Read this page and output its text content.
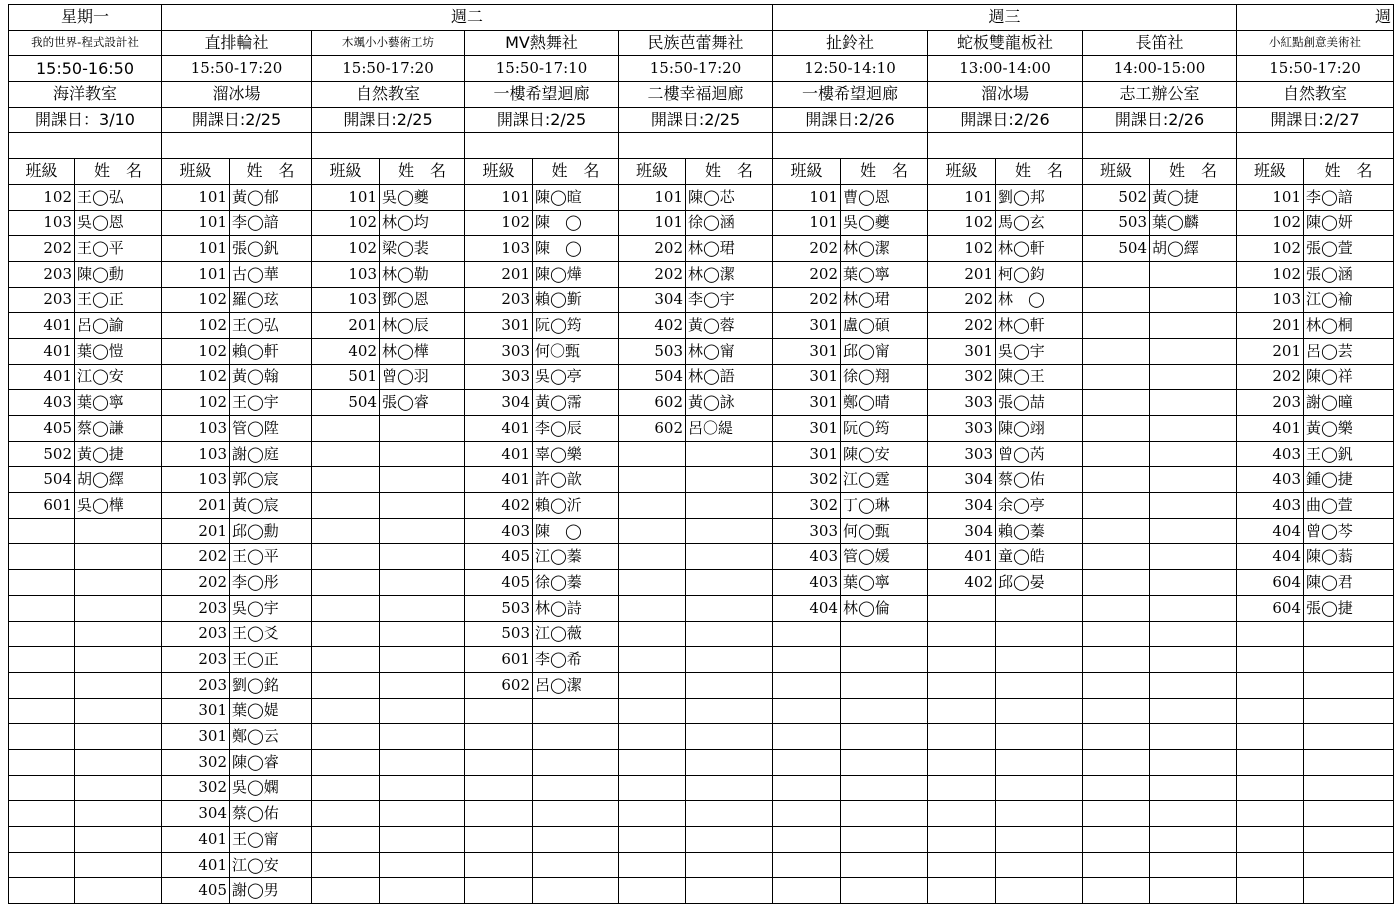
星期一		週二								週三						週	
我的世界-程式設計社		直排輪社		木颯小小藝術工坊		MV熱舞社		民族芭蕾舞社		扯鈴社		蛇板雙龍板社		長笛社		小紅點創意美術社	
15:50-16:50		15:50-17:20		15:50-17:20		15:50-17:10		15:50-17:20		12:50-14:10		13:00-14:00		14:00-15:00		15:50-17:20	
海洋教室		溜冰場		自然教室		一樓希望迴廊		二樓幸福迴廊		一樓希望迴廊		溜冰場		志工辦公室		自然教室	
開課日：3/10		開課日:2/25		開課日:2/25		開課日:2/25		開課日:2/25		開課日:2/26		開課日:2/26		開課日:2/26		開課日:2/27	

班級	姓　名	班級	姓　名	班級	姓　名	班級	姓　名	班級	姓　名	班級	姓　名	班級	姓　名	班級	姓　名	班級	姓　名
102	王◯弘	101	黃◯郁	101	吳◯夔	101	陳◯暄	101	陳◯芯	101	曹◯恩	101	劉◯邦	502	黃◯捷	101	李◯諳
103	吳◯恩	101	李◯諳	102	林◯均	102	陳　◯	101	徐◯涵	101	吳◯夔	102	馬◯玄	503	葉◯麟	102	陳◯妍
202	王◯平	101	張◯釩	102	梁◯裴	103	陳　◯	202	林◯珺	202	林◯潔	102	林◯軒	504	胡◯繹	102	張◯萱
203	陳◯動	101	古◯華	103	林◯勒	201	陳◯燁	202	林◯潔	202	葉◯寧	201	柯◯鈞			102	張◯涵
203	王◯正	102	羅◯玹	103	鄧◯恩	203	賴◯斳	304	李◯宇	202	林◯珺	202	林　◯			103	江◯褕
401	呂◯諭	102	王◯弘	201	林◯辰	301	阮◯筠	402	黃◯蓉	301	盧◯碩	202	林◯軒			201	林◯桐
401	葉◯愷	102	賴◯軒	402	林◯樺	303	何〇甄	503	林◯甯	301	邱◯甯	301	吳◯宇			201	呂◯芸
401	江◯安	102	黃◯翰	501	曾◯羽	303	吳◯亭	504	林◯語	301	徐◯翔	302	陳◯王			202	陳◯祥
403	葉◯寧	102	王◯宇	504	張◯睿	304	黃◯霈	602	黃◯詠	301	鄭◯晴	303	張◯喆			203	謝◯曈
405	蔡◯謙	103	管◯陞			401	李◯辰	602	呂〇緹	301	阮◯筠	303	陳◯翊			401	黃◯樂
502	黃◯捷	103	謝◯庭			401	辜◯樂			301	陳◯安	303	曾◯芮			403	王◯釩
504	胡◯繹	103	郭◯宸			401	許◯歆			302	江◯霆	304	蔡◯佑			403	鍾◯捷
601	吳◯樺	201	黃◯宸			402	賴◯沂			302	丁◯琳	304	余◯亭			403	曲◯萱
		201	邱◯勳			403	陳　◯			303	何◯甄	304	賴◯蓁			404	曾◯芩
		202	王◯平			405	江◯蓁			403	管◯媛	401	童◯皓			404	陳◯蓊
		202	李◯彤			405	徐◯蓁			403	葉◯寧	402	邱◯晏			604	陳◯君
		203	吳◯宇			503	林◯詩			404	林◯倫					604	張◯捷
		203	王◯爻			503	江◯薇										
		203	王◯正			601	李◯希										
		203	劉◯銘			602	呂◯潔										
		301	葉◯媞														
		301	鄭◯云														
		302	陳◯睿														
		302	吳◯嫻														
		304	蔡◯佑														
		401	王◯甯														
		401	江◯安														
		405	謝◯男														
